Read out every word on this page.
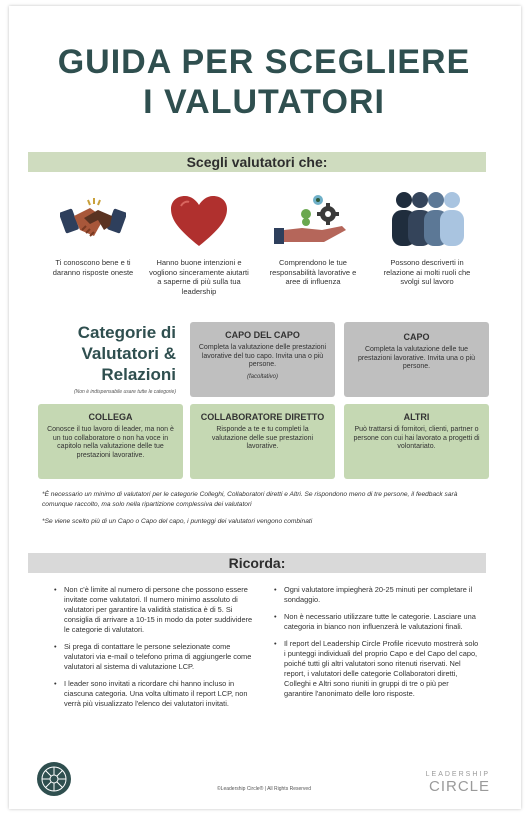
GUIDA PER SCEGLIERE
I VALUTATORI
Scegli valutatori che:
Ti conoscono bene e ti daranno risposte oneste
Hanno buone intenzioni e vogliono sinceramente aiutarti a saperne di più sulla tua leadership
Comprendono le tue responsabilità lavorative e aree di influenza
Possono descriverti in relazione ai molti ruoli che svolgi sul lavoro
Categorie di Valutatori & Relazioni
(Non è indispensabile usare tutte le categorie)
CAPO DEL CAPO
Completa la valutazione delle prestazioni lavorative del tuo capo. Invita una o più persone.
(facoltativo)
CAPO
Completa la valutazione delle tue prestazioni lavorative. Invita una o più persone.
COLLEGA
Conosce il tuo lavoro di leader, ma non è un tuo collaboratore o non ha voce in capitolo nella valutazione delle tue prestazioni lavorative.
COLLABORATORE DIRETTO
Risponde a te e tu completi la valutazione delle sue prestazioni lavorative.
ALTRI
Può trattarsi di fornitori, clienti, partner o persone con cui hai lavorato a progetti di volontariato.
*È necessario un minimo di valutatori per le categorie Colleghi, Collaboratori diretti e Altri. Se rispondono meno di tre persone, il feedback sarà comunque raccolto, ma solo nella ripartizione complessiva dei valutatori
*Se viene scelto più di un Capo o Capo del capo, i punteggi dei valutatori vengono combinati
Ricorda:
• Non c'è limite al numero di persone che possono essere invitate come valutatori. Il numero minimo assoluto di valutatori per garantire la validità statistica è di 5. Si consiglia di arrivare a 10-15 in modo da poter suddividere le categorie di valutatori.
• Si prega di contattare le persone selezionate come valutatori via e-mail o telefono prima di aggiungerle come valutatori al sistema di valutazione LCP.
• I leader sono invitati a ricordare chi hanno incluso in ciascuna categoria. Una volta ultimato il report LCP, non verrà più visualizzato l'elenco dei valutatori invitati.
• Ogni valutatore impiegherà 20-25 minuti per completare il sondaggio.
• Non è necessario utilizzare tutte le categorie. Lasciare una categoria in bianco non influenzerà le valutazioni finali.
• Il report del Leadership Circle Profile ricevuto mostrerà solo i punteggi individuali del proprio Capo e del Capo del capo, poiché tutti gli altri valutatori sono ritenuti riservati. Nel report, i valutatori delle categorie Collaboratori diretti, Colleghi e Altri sono riuniti in gruppi di tre o più per garantire l'anonimato delle loro risposte.
©Leadership Circle® | All Rights Reserved
LEADERSHIP
CIRCLE
